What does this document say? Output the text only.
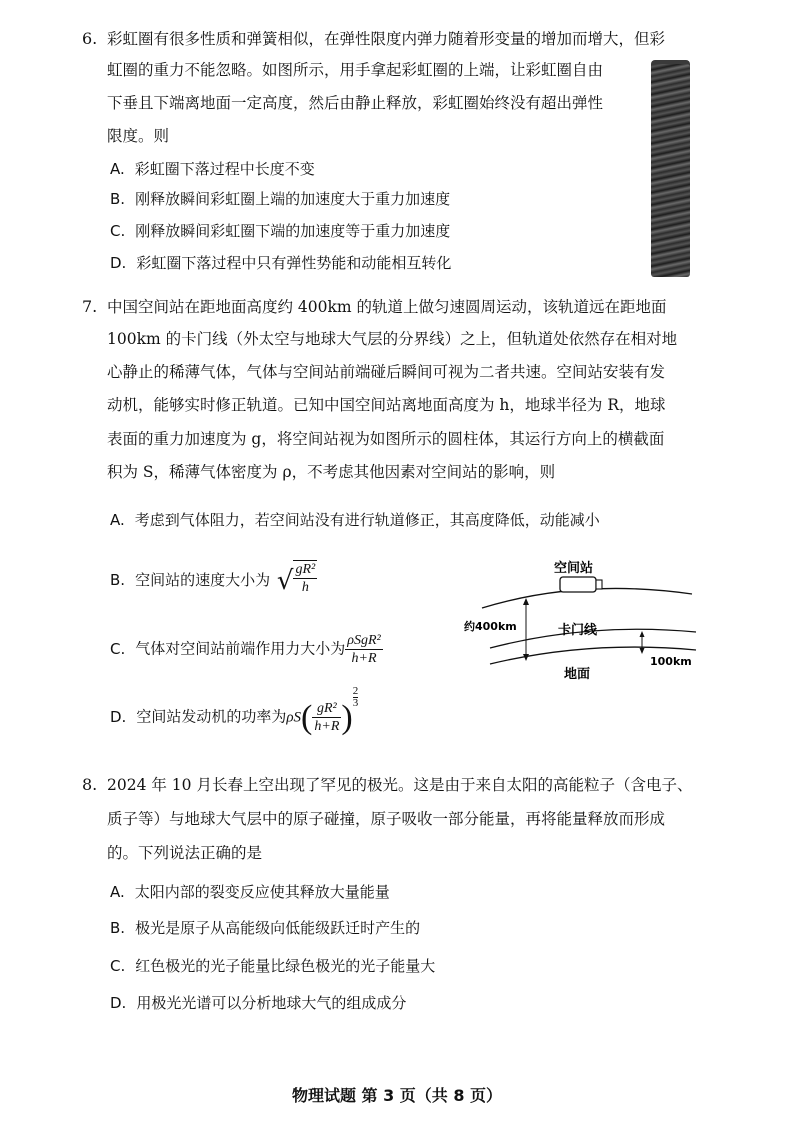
6. 彩虹圈有很多性质和弹簧相似，在弹性限度内弹力随着形变量的增加而增大，但彩
虹圈的重力不能忽略。如图所示，用手拿起彩虹圈的上端，让彩虹圈自由
下垂且下端离地面一定高度，然后由静止释放，彩虹圈始终没有超出弹性
限度。则
A. 彩虹圈下落过程中长度不变
B. 刚释放瞬间彩虹圈上端的加速度大于重力加速度
C. 刚释放瞬间彩虹圈下端的加速度等于重力加速度
D. 彩虹圈下落过程中只有弹性势能和动能相互转化
7. 中国空间站在距地面高度约 400km 的轨道上做匀速圆周运动，该轨道远在距地面
100km 的卡门线（外太空与地球大气层的分界线）之上，但轨道处依然存在相对地
心静止的稀薄气体，气体与空间站前端碰后瞬间可视为二者共速。空间站安装有发
动机，能够实时修正轨道。已知中国空间站离地面高度为 h，地球半径为 R，地球
表面的重力加速度为 g，将空间站视为如图所示的圆柱体，其运行方向上的横截面
积为 S，稀薄气体密度为 ρ，不考虑其他因素对空间站的影响，则
A. 考虑到气体阻力，若空间站没有进行轨道修正，其高度降低，动能减小
B. 空间站的速度大小为 √ $\frac{\text{gR²}}{h}$
C. 气体对空间站前端作用力大小为 $\frac{\text{ρSgR²}}{h+R}$
D. 空间站发动机的功率为$\rho S( \frac{\text{gR²}}{h+R}$ )
$\frac{2}{3}$
空间站
约400km	卡门线
地面
100km
8. 2024 年 10 月长春上空出现了罕见的极光。这是由于来自太阳的高能粒子（含电子、
质子等）与地球大气层中的原子碰撞，原子吸收一部分能量，再将能量释放而形成
的。下列说法正确的是
A. 太阳内部的裂变反应使其释放大量能量
B. 极光是原子从高能级向低能级跃迁时产生的
C. 红色极光的光子能量比绿色极光的光子能量大
D. 用极光光谱可以分析地球大气的组成成分
物理试题 第 3 页（共 8 页）
